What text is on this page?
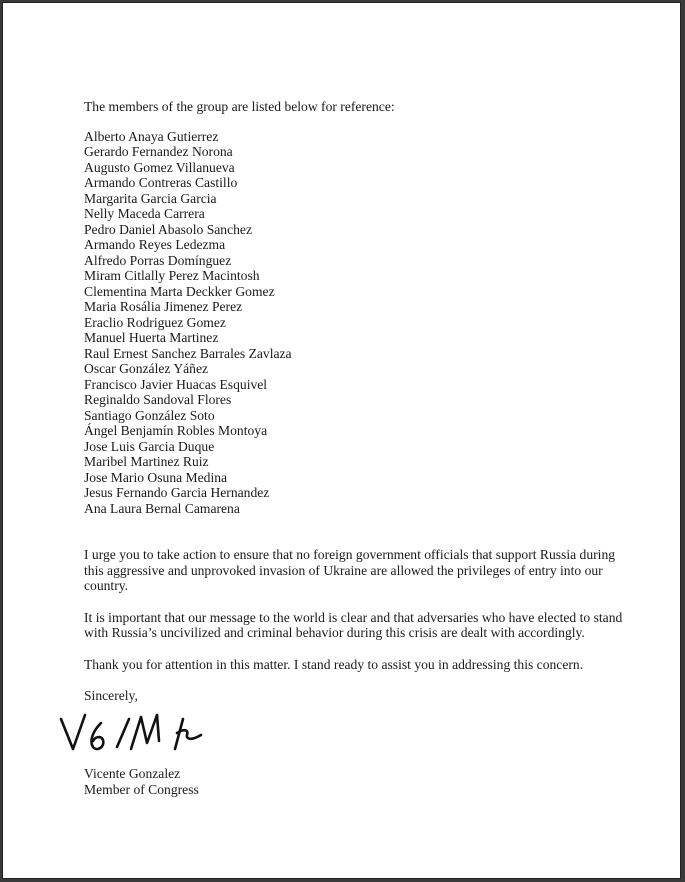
The members of the group are listed below for reference:

Alberto Anaya Gutierrez
Gerardo Fernandez Norona
Augusto Gomez Villanueva
Armando Contreras Castillo
Margarita Garcia Garcia
Nelly Maceda Carrera
Pedro Daniel Abasolo Sanchez
Armando Reyes Ledezma
Alfredo Porras Domínguez
Miram Citlally Perez Macintosh
Clementina Marta Deckker Gomez
Maria Rosália Jimenez Perez
Eraclio Rodriguez Gomez
Manuel Huerta Martinez
Raul Ernest Sanchez Barrales Zavlaza
Oscar González Yáñez
Francisco Javier Huacas Esquivel
Reginaldo Sandoval Flores
Santiago González Soto
Ángel Benjamín Robles Montoya
Jose Luis Garcia Duque
Maribel Martinez Ruiz
Jose Mario Osuna Medina
Jesus Fernando Garcia Hernandez
Ana Laura Bernal Camarena

I urge you to take action to ensure that no foreign government officials that support Russia during this aggressive and unprovoked invasion of Ukraine are allowed the privileges of entry into our country.

It is important that our message to the world is clear and that adversaries who have elected to stand with Russia’s uncivilized and criminal behavior during this crisis are dealt with accordingly.

Thank you for attention in this matter. I stand ready to assist you in addressing this concern.

Sincerely,

Vicente Gonzalez
Member of Congress
